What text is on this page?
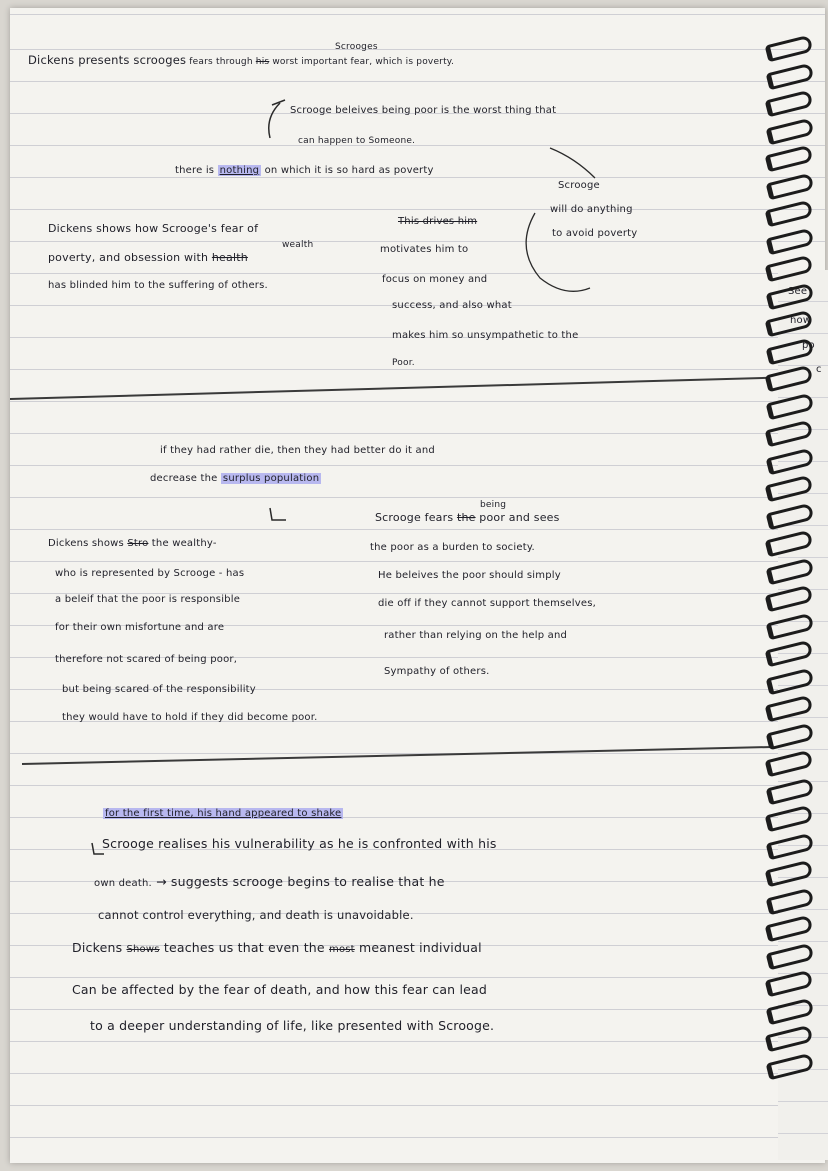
Scrooges
Dickens presents scrooges fears through his worst important fear, which is poverty.
Scrooge beleives being poor is the worst thing that
can happen to Someone.
there is nothing on which it is so hard as poverty
Scrooge
will do anything
to avoid poverty
Dickens shows how Scrooge's fear of
wealth
poverty, and obsession with health
has blinded him to the suffering of others.
This drives him
motivates him to
focus on money and
success, and also what
makes him so unsympathetic to the
Poor.
if they had rather die, then they had better do it and
decrease the surplus population
being
Scrooge fears the poor and sees
the poor as a burden to society.
He beleives the poor should simply
die off if they cannot support themselves,
rather than relying on the help and
Sympathy of others.
Dickens shows Stro the wealthy-
who is represented by Scrooge - has
a beleif that the poor is responsible
for their own misfortune and are
therefore not scared of being poor,
but being scared of the responsibility
they would have to hold if they did become poor.
for the first time, his hand appeared to shake
Scrooge realises his vulnerability as he is confronted with his
own death. → suggests scrooge begins to realise that he
cannot control everything, and death is unavoidable.
Dickens Shows teaches us that even the most meanest individual
Can be affected by the fear of death, and how this fear can lead
to a deeper understanding of life, like presented with Scrooge.
See
how
po
c
